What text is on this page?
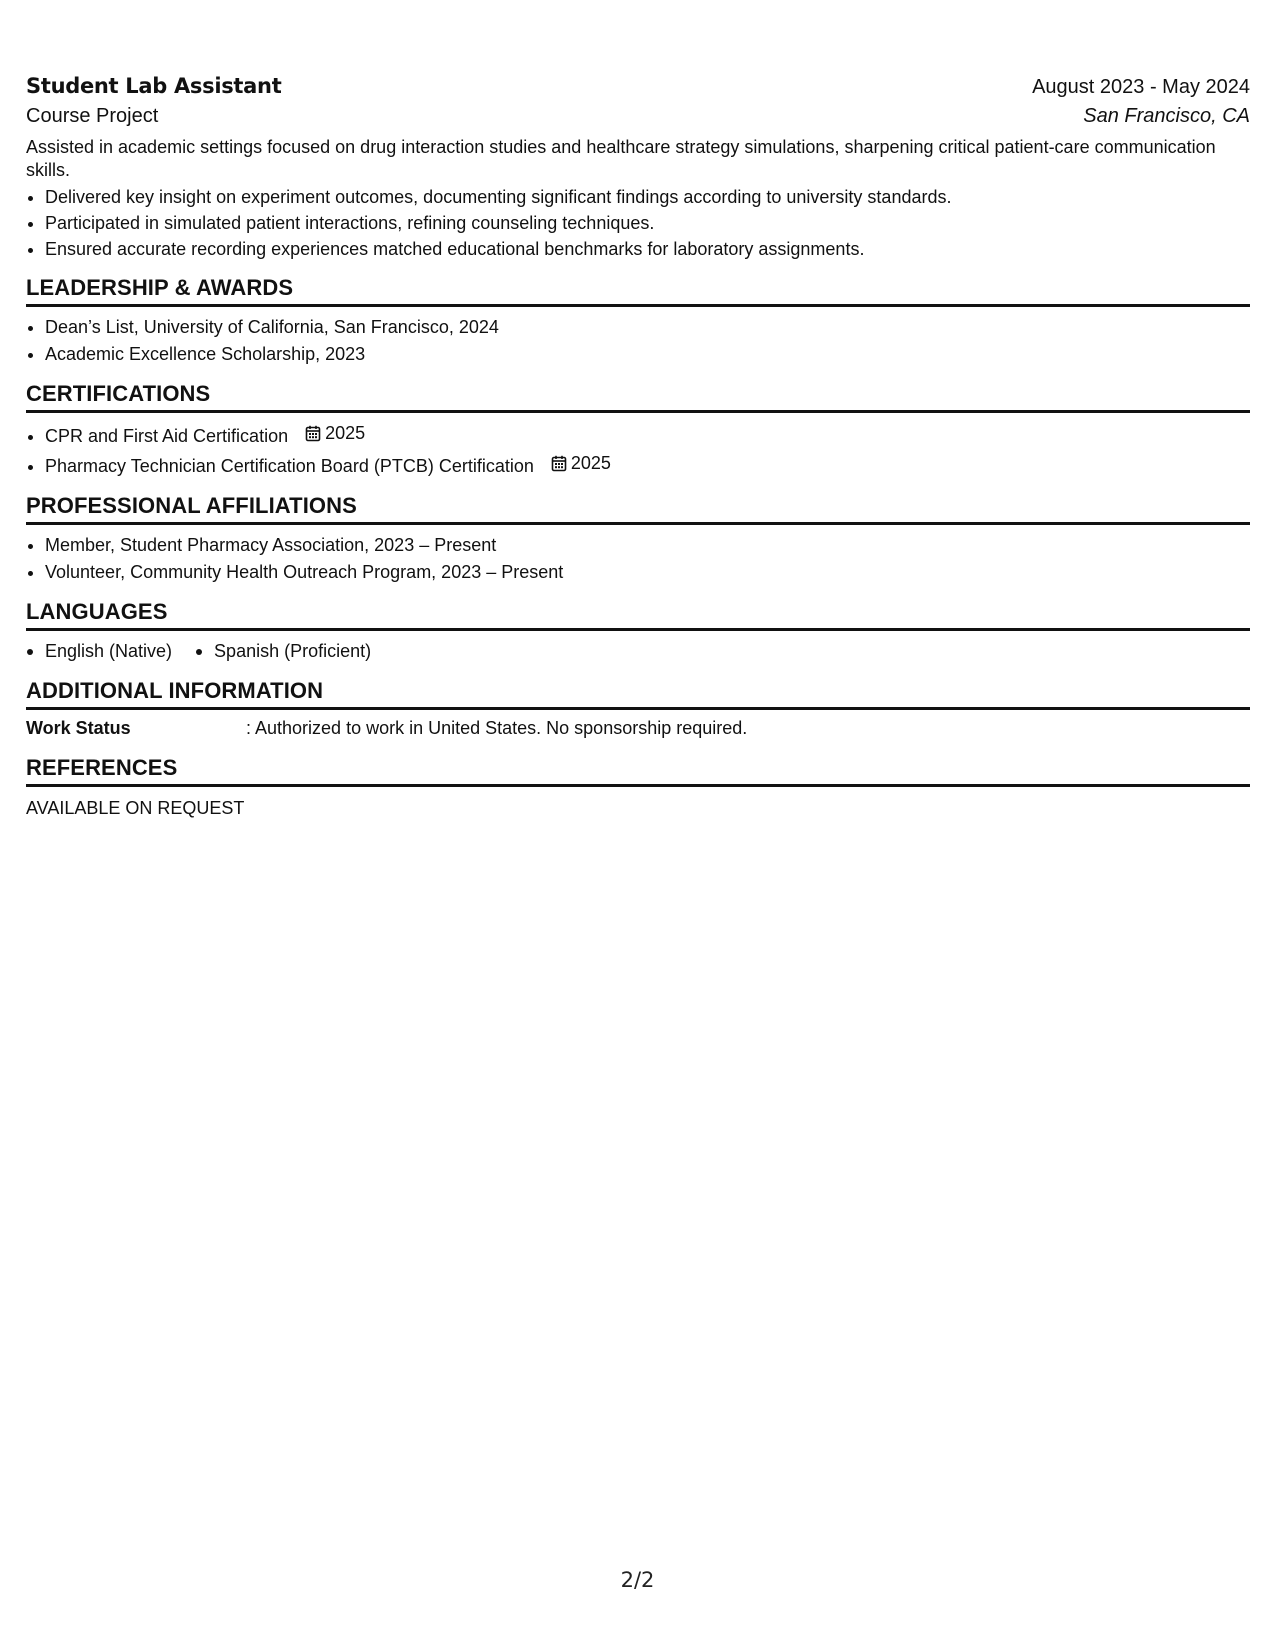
Student Lab Assistant	August 2023 - May 2024
Course Project	San Francisco, CA
Assisted in academic settings focused on drug interaction studies and healthcare strategy simulations, sharpening critical patient-care communication skills.
• Delivered key insight on experiment outcomes, documenting significant findings according to university standards.
• Participated in simulated patient interactions, refining counseling techniques.
• Ensured accurate recording experiences matched educational benchmarks for laboratory assignments.
LEADERSHIP & AWARDS
• Dean’s List, University of California, San Francisco, 2024
• Academic Excellence Scholarship, 2023
CERTIFICATIONS
• CPR and First Aid Certification 2025
• Pharmacy Technician Certification Board (PTCB) Certification 2025
PROFESSIONAL AFFILIATIONS
• Member, Student Pharmacy Association, 2023 – Present
• Volunteer, Community Health Outreach Program, 2023 – Present
LANGUAGES
English (Native)	Spanish (Proficient)
ADDITIONAL INFORMATION
Work Status	: Authorized to work in United States. No sponsorship required.
REFERENCES
AVAILABLE ON REQUEST
2/2
